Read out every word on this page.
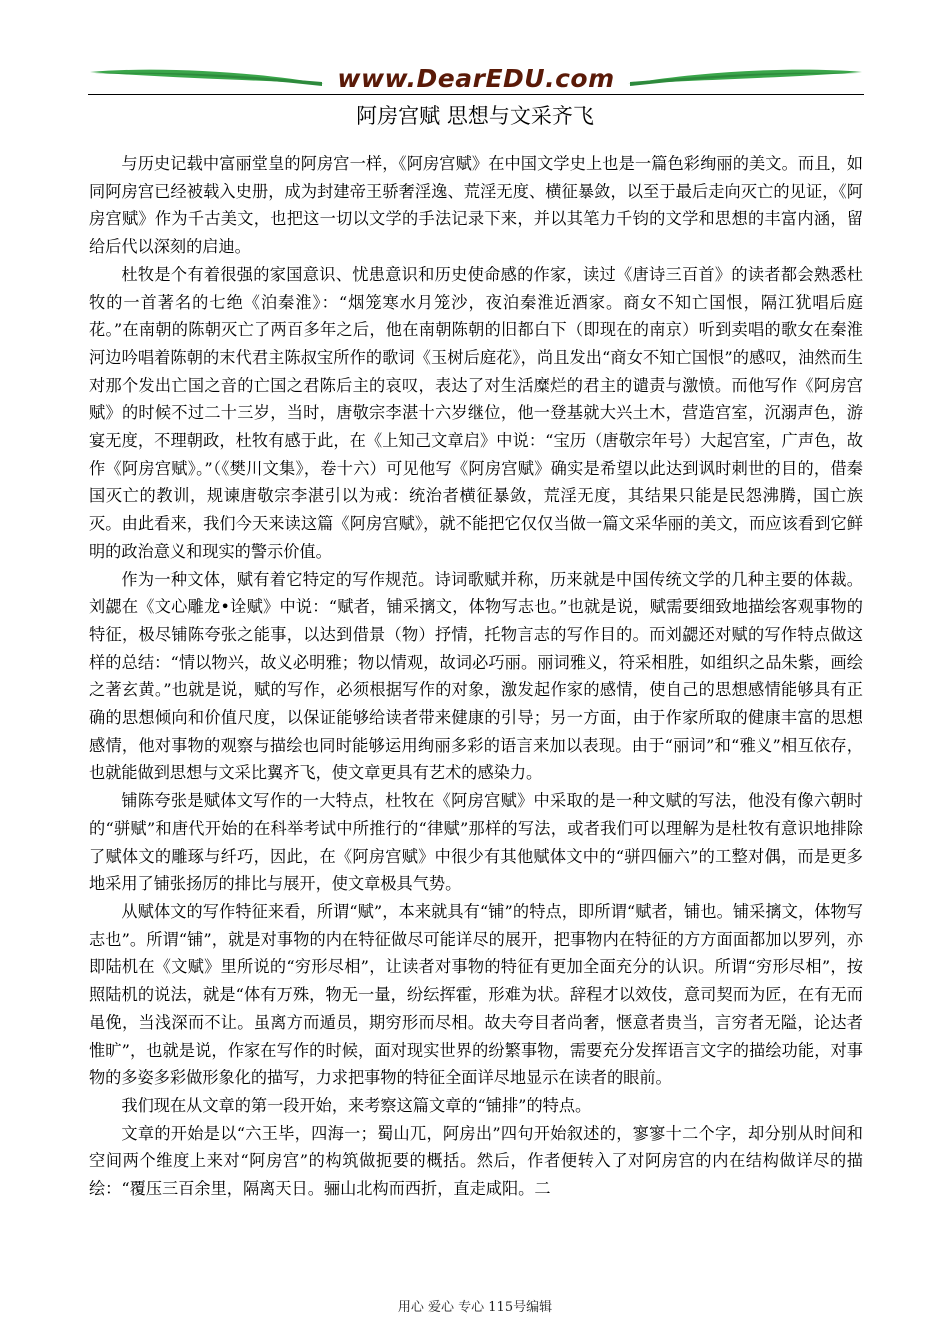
www.DearEDU.com
阿房宫赋 思想与文采齐飞

与历史记载中富丽堂皇的阿房宫一样，《阿房宫赋》在中国文学史上也是一篇色彩绚丽的美文。而且，如同阿房宫已经被载入史册，成为封建帝王骄奢淫逸、荒淫无度、横征暴敛，以至于最后走向灭亡的见证，《阿房宫赋》作为千古美文，也把这一切以文学的手法记录下来，并以其笔力千钧的文学和思想的丰富内涵，留给后代以深刻的启迪。

杜牧是个有着很强的家国意识、忧患意识和历史使命感的作家，读过《唐诗三百首》的读者都会熟悉杜牧的一首著名的七绝《泊秦淮》：“烟笼寒水月笼沙，夜泊秦淮近酒家。商女不知亡国恨，隔江犹唱后庭花。”在南朝的陈朝灭亡了两百多年之后，他在南朝陈朝的旧都白下（即现在的南京）听到卖唱的歌女在秦淮河边吟唱着陈朝的末代君主陈叔宝所作的歌词《玉树后庭花》，尚且发出“商女不知亡国恨”的感叹，油然而生对那个发出亡国之音的亡国之君陈后主的哀叹，表达了对生活糜烂的君主的谴责与激愤。而他写作《阿房宫赋》的时候不过二十三岁，当时，唐敬宗李湛十六岁继位，他一登基就大兴土木，营造宫室，沉溺声色，游宴无度，不理朝政，杜牧有感于此，在《上知己文章启》中说：“宝历（唐敬宗年号）大起宫室，广声色，故作《阿房宫赋》。”（《樊川文集》，卷十六）可见他写《阿房宫赋》确实是希望以此达到讽时刺世的目的，借秦国灭亡的教训，规谏唐敬宗李湛引以为戒：统治者横征暴敛，荒淫无度，其结果只能是民怨沸腾，国亡族灭。由此看来，我们今天来读这篇《阿房宫赋》，就不能把它仅仅当做一篇文采华丽的美文，而应该看到它鲜明的政治意义和现实的警示价值。

作为一种文体，赋有着它特定的写作规范。诗词歌赋并称，历来就是中国传统文学的几种主要的体裁。刘勰在《文心雕龙•诠赋》中说：“赋者，铺采摛文，体物写志也。”也就是说，赋需要细致地描绘客观事物的特征，极尽铺陈夸张之能事，以达到借景（物）抒情，托物言志的写作目的。而刘勰还对赋的写作特点做这样的总结：“情以物兴，故义必明雅；物以情观，故词必巧丽。丽词雅义，符采相胜，如组织之品朱紫，画绘之著玄黄。”也就是说，赋的写作，必须根据写作的对象，激发起作家的感情，使自己的思想感情能够具有正确的思想倾向和价值尺度，以保证能够给读者带来健康的引导；另一方面，由于作家所取的健康丰富的思想感情，他对事物的观察与描绘也同时能够运用绚丽多彩的语言来加以表现。由于“丽词”和“雅义”相互依存，也就能做到思想与文采比翼齐飞，使文章更具有艺术的感染力。

铺陈夸张是赋体文写作的一大特点，杜牧在《阿房宫赋》中采取的是一种文赋的写法，他没有像六朝时的“骈赋”和唐代开始的在科举考试中所推行的“律赋”那样的写法，或者我们可以理解为是杜牧有意识地排除了赋体文的雕琢与纤巧，因此，在《阿房宫赋》中很少有其他赋体文中的“骈四俪六”的工整对偶，而是更多地采用了铺张扬厉的排比与展开，使文章极具气势。

从赋体文的写作特征来看，所谓“赋”，本来就具有“铺”的特点，即所谓“赋者，铺也。铺采摛文，体物写志也”。所谓“铺”，就是对事物的内在特征做尽可能详尽的展开，把事物内在特征的方方面面都加以罗列，亦即陆机在《文赋》里所说的“穷形尽相”，让读者对事物的特征有更加全面充分的认识。所谓“穷形尽相”，按照陆机的说法，就是“体有万殊，物无一量，纷纭挥霍，形难为状。辞程才以效伎，意司契而为匠，在有无而黾俛，当浅深而不让。虽离方而遁员，期穷形而尽相。故夫夸目者尚奢，惬意者贵当，言穷者无隘，论达者惟旷”，也就是说，作家在写作的时候，面对现实世界的纷繁事物，需要充分发挥语言文字的描绘功能，对事物的多姿多彩做形象化的描写，力求把事物的特征全面详尽地显示在读者的眼前。

我们现在从文章的第一段开始，来考察这篇文章的“铺排”的特点。

文章的开始是以“六王毕，四海一；蜀山兀，阿房出”四句开始叙述的，寥寥十二个字，却分别从时间和空间两个维度上来对“阿房宫”的构筑做扼要的概括。然后，作者便转入了对阿房宫的内在结构做详尽的描绘：“覆压三百余里，隔离天日。骊山北构而西折，直走咸阳。二

用心 爱心 专心 115号编辑
